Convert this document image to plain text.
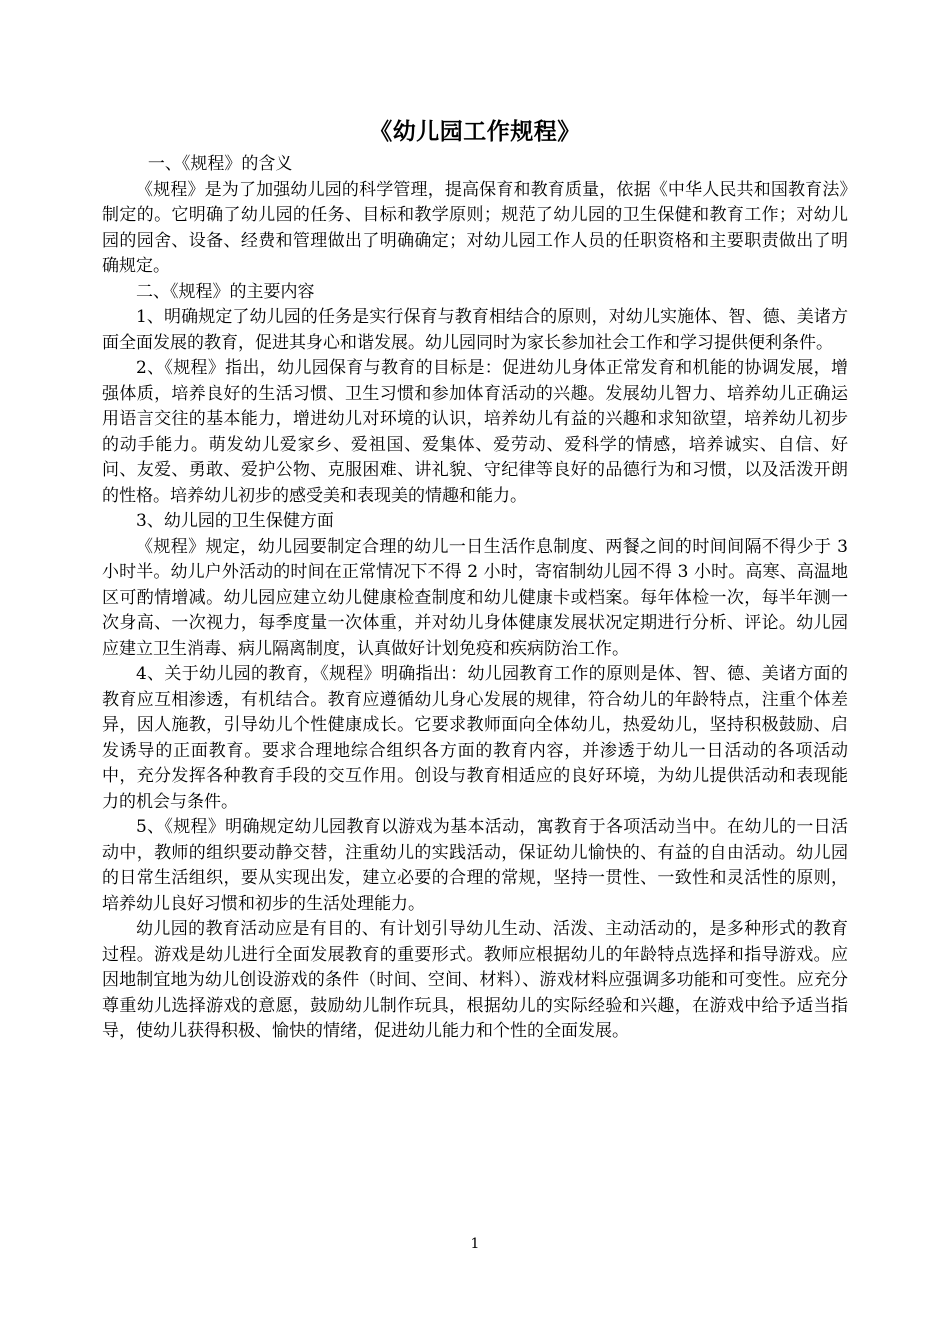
《幼儿园工作规程》

一、《规程》的含义

《规程》是为了加强幼儿园的科学管理，提高保育和教育质量，依据《中华人民共和国教育法》制定的。它明确了幼儿园的任务、目标和教学原则；规范了幼儿园的卫生保健和教育工作；对幼儿园的园舍、设备、经费和管理做出了明确确定；对幼儿园工作人员的任职资格和主要职责做出了明确规定。

二、《规程》的主要内容

1、明确规定了幼儿园的任务是实行保育与教育相结合的原则，对幼儿实施体、智、德、美诸方面全面发展的教育，促进其身心和谐发展。幼儿园同时为家长参加社会工作和学习提供便利条件。

2、《规程》指出，幼儿园保育与教育的目标是：促进幼儿身体正常发育和机能的协调发展，增强体质，培养良好的生活习惯、卫生习惯和参加体育活动的兴趣。发展幼儿智力、培养幼儿正确运用语言交往的基本能力，增进幼儿对环境的认识，培养幼儿有益的兴趣和求知欲望，培养幼儿初步的动手能力。萌发幼儿爱家乡、爱祖国、爱集体、爱劳动、爱科学的情感，培养诚实、自信、好问、友爱、勇敢、爱护公物、克服困难、讲礼貌、守纪律等良好的品德行为和习惯，以及活泼开朗的性格。培养幼儿初步的感受美和表现美的情趣和能力。

3、幼儿园的卫生保健方面

《规程》规定，幼儿园要制定合理的幼儿一日生活作息制度、两餐之间的时间间隔不得少于 3 小时半。幼儿户外活动的时间在正常情况下不得 2 小时，寄宿制幼儿园不得 3 小时。高寒、高温地区可酌情增减。幼儿园应建立幼儿健康检查制度和幼儿健康卡或档案。每年体检一次，每半年测一次身高、一次视力，每季度量一次体重，并对幼儿身体健康发展状况定期进行分析、评论。幼儿园应建立卫生消毒、病儿隔离制度，认真做好计划免疫和疾病防治工作。

4、关于幼儿园的教育，《规程》明确指出：幼儿园教育工作的原则是体、智、德、美诸方面的教育应互相渗透，有机结合。教育应遵循幼儿身心发展的规律，符合幼儿的年龄特点，注重个体差异，因人施教，引导幼儿个性健康成长。它要求教师面向全体幼儿，热爱幼儿，坚持积极鼓励、启发诱导的正面教育。要求合理地综合组织各方面的教育内容，并渗透于幼儿一日活动的各项活动中，充分发挥各种教育手段的交互作用。创设与教育相适应的良好环境，为幼儿提供活动和表现能力的机会与条件。

5、《规程》明确规定幼儿园教育以游戏为基本活动，寓教育于各项活动当中。在幼儿的一日活动中，教师的组织要动静交替，注重幼儿的实践活动，保证幼儿愉快的、有益的自由活动。幼儿园的日常生活组织，要从实现出发，建立必要的合理的常规，坚持一贯性、一致性和灵活性的原则，培养幼儿良好习惯和初步的生活处理能力。

幼儿园的教育活动应是有目的、有计划引导幼儿生动、活泼、主动活动的，是多种形式的教育过程。游戏是幼儿进行全面发展教育的重要形式。教师应根据幼儿的年龄特点选择和指导游戏。应因地制宜地为幼儿创设游戏的条件（时间、空间、材料）、游戏材料应强调多功能和可变性。应充分尊重幼儿选择游戏的意愿，鼓励幼儿制作玩具，根据幼儿的实际经验和兴趣，在游戏中给予适当指导，使幼儿获得积极、愉快的情绪，促进幼儿能力和个性的全面发展。

1
